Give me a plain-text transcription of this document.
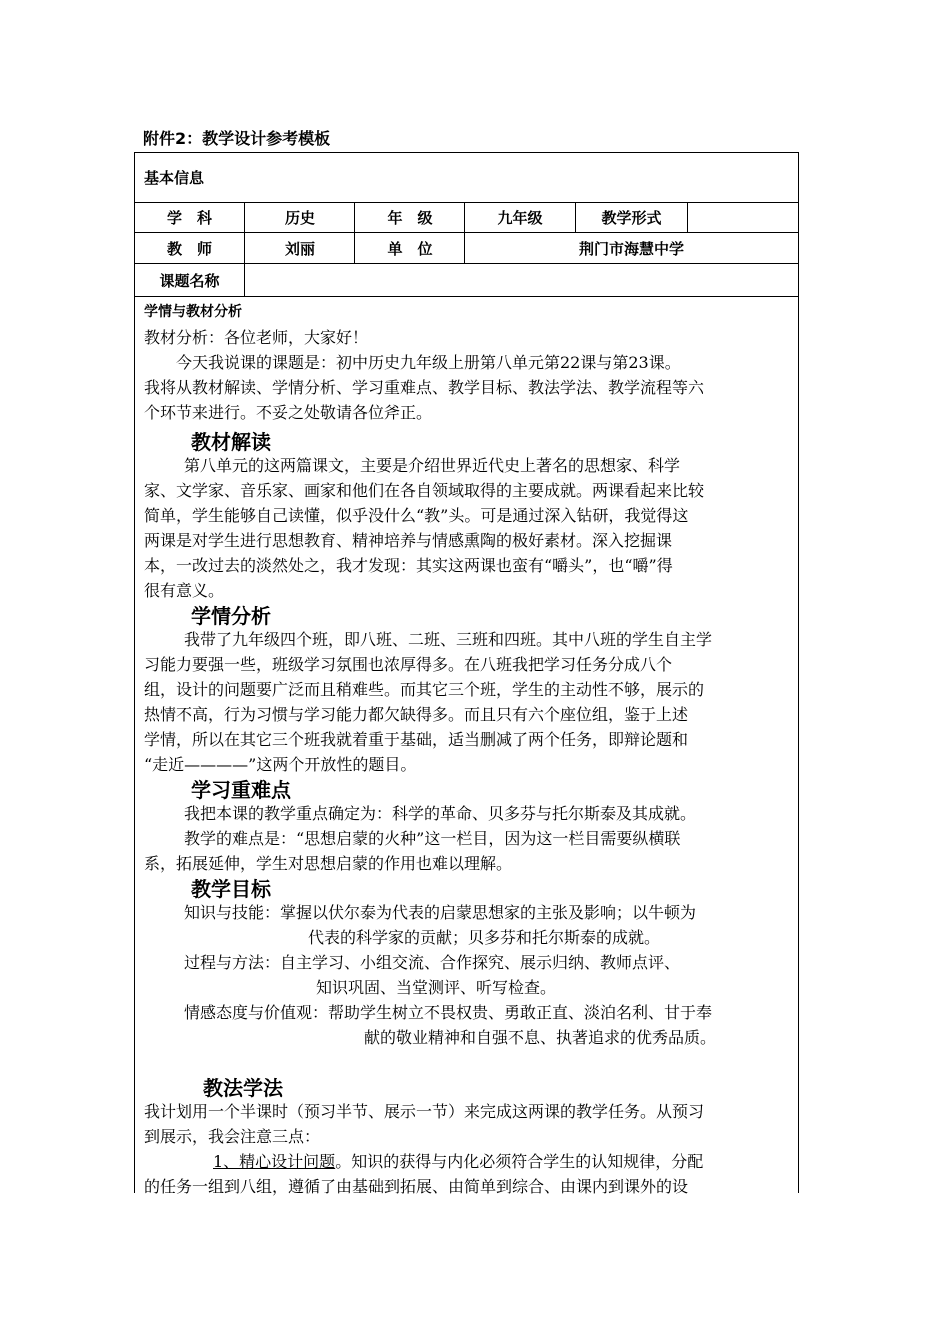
附件2：教学设计参考模板
基本信息
学　科	历史	年　级	九年级	教学形式
教　师	刘丽	单　位	荆门市海慧中学
课题名称
学情与教材分析
教材分析：各位老师，大家好！
今天我说课的课题是：初中历史九年级上册第八单元第22课与第23课。
我将从教材解读、学情分析、学习重难点、教学目标、教法学法、教学流程等六
个环节来进行。不妥之处敬请各位斧正。
教材解读
第八单元的这两篇课文，主要是介绍世界近代史上著名的思想家、科学
家、文学家、音乐家、画家和他们在各自领域取得的主要成就。两课看起来比较
简单，学生能够自己读懂，似乎没什么“教”头。可是通过深入钻研，我觉得这
两课是对学生进行思想教育、精神培养与情感熏陶的极好素材。深入挖掘课
本，一改过去的淡然处之，我才发现：其实这两课也蛮有“嚼头”，也“嚼”得
很有意义。
学情分析
我带了九年级四个班，即八班、二班、三班和四班。其中八班的学生自主学
习能力要强一些，班级学习氛围也浓厚得多。在八班我把学习任务分成八个
组，设计的问题要广泛而且稍难些。而其它三个班，学生的主动性不够，展示的
热情不高，行为习惯与学习能力都欠缺得多。而且只有六个座位组，鉴于上述
学情，所以在其它三个班我就着重于基础，适当删减了两个任务，即辩论题和
“走近————”这两个开放性的题目。
学习重难点
我把本课的教学重点确定为：科学的革命、贝多芬与托尔斯泰及其成就。
教学的难点是：“思想启蒙的火种”这一栏目，因为这一栏目需要纵横联
系，拓展延伸，学生对思想启蒙的作用也难以理解。
教学目标
知识与技能：掌握以伏尔泰为代表的启蒙思想家的主张及影响；以牛顿为
代表的科学家的贡献；贝多芬和托尔斯泰的成就。
过程与方法：自主学习、小组交流、合作探究、展示归纳、教师点评、
知识巩固、当堂测评、听写检查。
情感态度与价值观：帮助学生树立不畏权贵、勇敢正直、淡泊名利、甘于奉
献的敬业精神和自强不息、执著追求的优秀品质。
教法学法
我计划用一个半课时（预习半节、展示一节）来完成这两课的教学任务。从预习
到展示，我会注意三点：
1、精心设计问题。知识的获得与内化必须符合学生的认知规律，分配
的任务一组到八组，遵循了由基础到拓展、由简单到综合、由课内到课外的设
